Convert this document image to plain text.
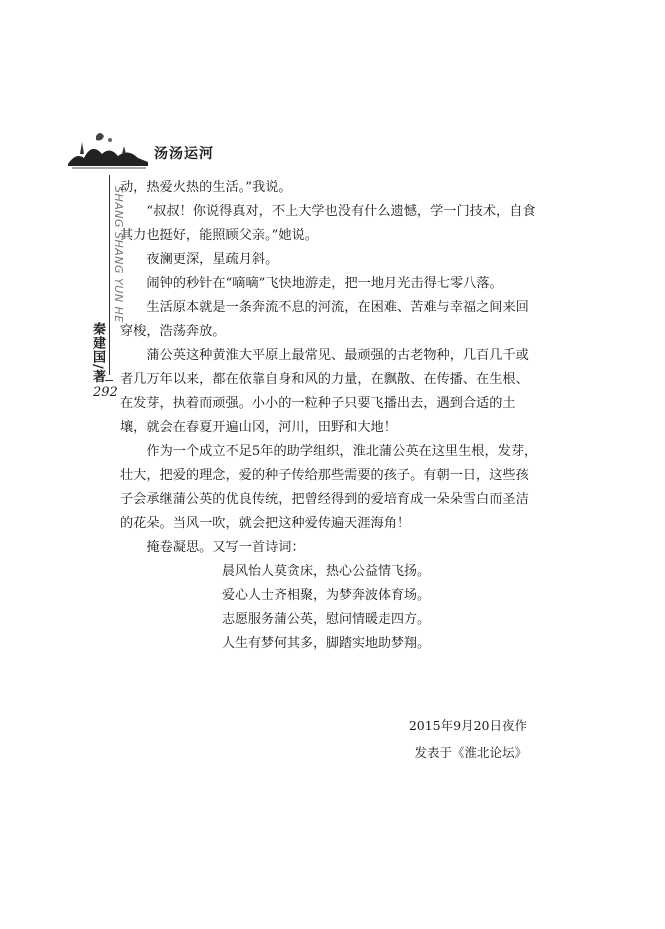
汤汤运河
SHANG SHANG YUN HE
秦建国/著
292

动，热爱火热的生活。”我说。

“叔叔！你说得真对，不上大学也没有什么遗憾，学一门技术，自食其力也挺好，能照顾父亲。”她说。

夜澜更深，星疏月斜。

闹钟的秒针在“嘀嘀”飞快地游走，把一地月光击得七零八落。

生活原本就是一条奔流不息的河流，在困难、苦难与幸福之间来回穿梭，浩荡奔放。

蒲公英这种黄淮大平原上最常见、最顽强的古老物种，几百几千或者几万年以来，都在依靠自身和风的力量，在飘散、在传播、在生根、在发芽，执着而顽强。小小的一粒种子只要飞播出去，遇到合适的土壤，就会在春夏开遍山冈，河川，田野和大地！

作为一个成立不足5年的助学组织，淮北蒲公英在这里生根，发芽，壮大，把爱的理念，爱的种子传给那些需要的孩子。有朝一日，这些孩子会承继蒲公英的优良传统，把曾经得到的爱培育成一朵朵雪白而圣洁的花朵。当风一吹，就会把这种爱传遍天涯海角！

掩卷凝思。又写一首诗词：

晨风怡人莫贪床，热心公益情飞扬。
爱心人士齐相聚，为梦奔波体育场。
志愿服务蒲公英，慰问情暖走四方。
人生有梦何其多，脚踏实地助梦翔。
2015年9月20日夜作
发表于《淮北论坛》
